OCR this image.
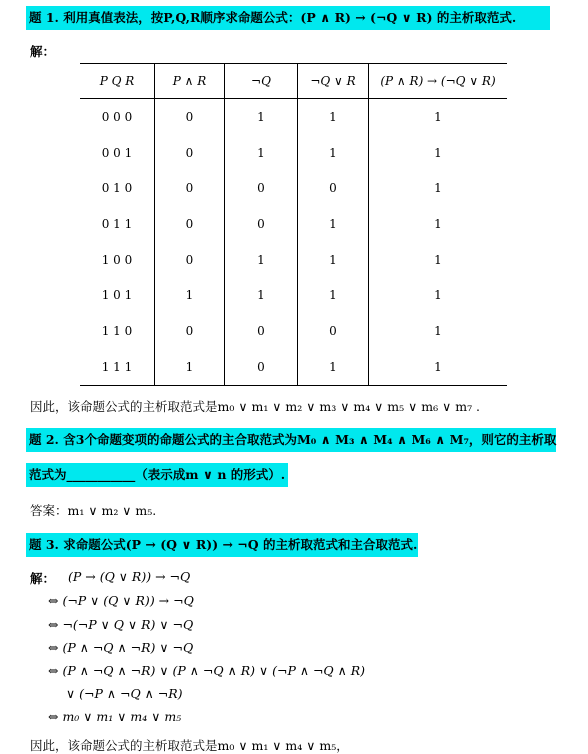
题 1. 利用真值表法，按P,Q,R顺序求命题公式：(P ∧ R) → (¬Q ∨ R) 的主析取范式.
解：
P Q R	P ∧ R	¬Q	¬Q ∨ R	(P ∧ R) → (¬Q ∨ R)
0 0 0	0	1	1	1
0 0 1	0	1	1	1
0 1 0	0	0	0	1
0 1 1	0	0	1	1
1 0 0	0	1	1	1
1 0 1	1	1	1	1
1 1 0	0	0	0	1
1 1 1	1	0	1	1
因此，该命题公式的主析取范式是m₀ ∨ m₁ ∨ m₂ ∨ m₃ ∨ m₄ ∨ m₅ ∨ m₆ ∨ m₇ .
题 2. 含3个命题变项的命题公式的主合取范式为M₀ ∧ M₃ ∧ M₄ ∧ M₆ ∧ M₇，则它的主析取
范式为___________（表示成m ∨ n 的形式）.
答案：m₁ ∨ m₂ ∨ m₅.
题 3. 求命题公式(P → (Q ∨ R)) → ¬Q 的主析取范式和主合取范式.
解： (P → (Q ∨ R)) → ¬Q
⇔ (¬P ∨ (Q ∨ R)) → ¬Q
⇔ ¬(¬P ∨ Q ∨ R) ∨ ¬Q
⇔ (P ∧ ¬Q ∧ ¬R) ∨ ¬Q
⇔ (P ∧ ¬Q ∧ ¬R) ∨ (P ∧ ¬Q ∧ R) ∨ (¬P ∧ ¬Q ∧ R)
∨ (¬P ∧ ¬Q ∧ ¬R)
⇔ m₀ ∨ m₁ ∨ m₄ ∨ m₅
因此，该命题公式的主析取范式是m₀ ∨ m₁ ∨ m₄ ∨ m₅，
